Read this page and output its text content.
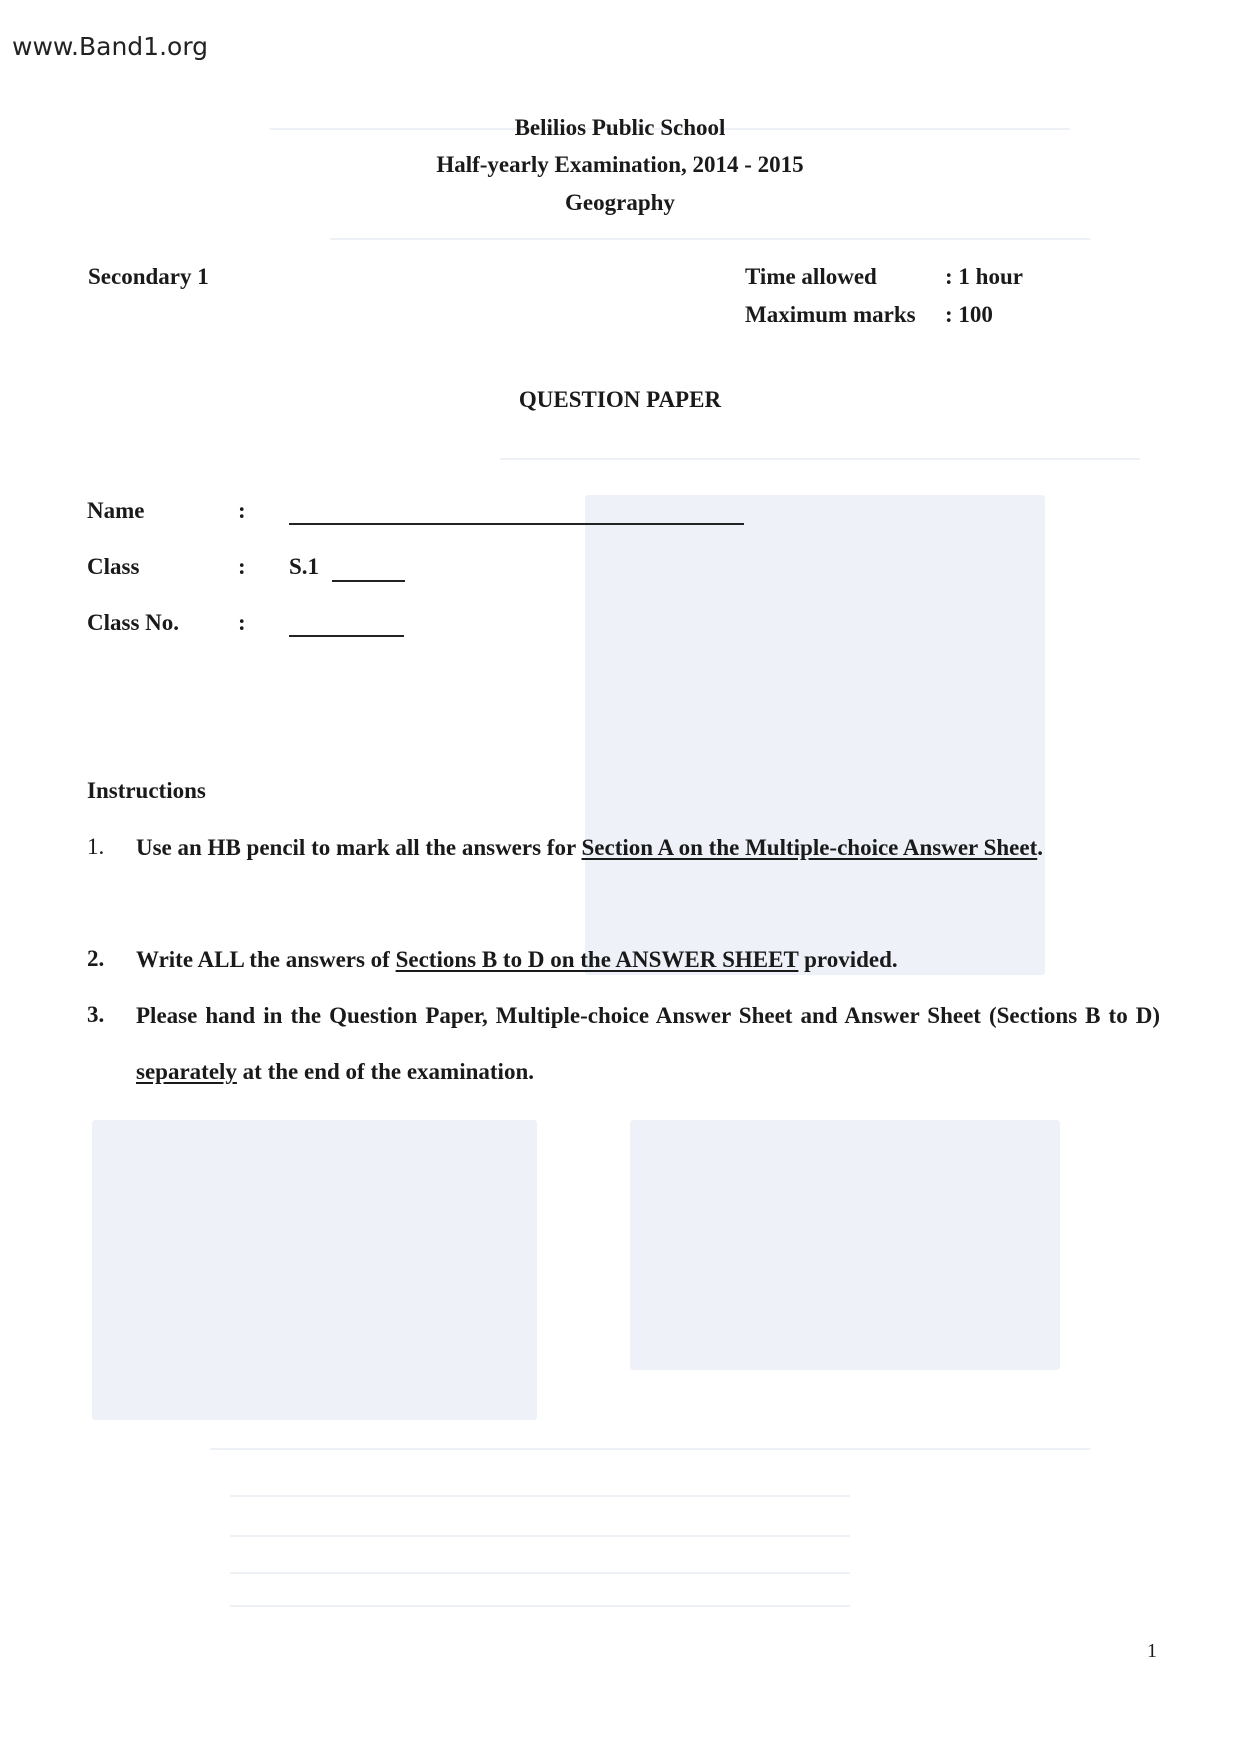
www.Band1.org
Belilios Public School
Half-yearly Examination, 2014 - 2015
Geography
Secondary 1	Time allowed	: 1 hour
Maximum marks : 100
QUESTION PAPER
Name	:
Class	: S.1
Class No.	:
Instructions
1. Use an HB pencil to mark all the answers for Section A on the Multiple-choice Answer Sheet.
2. Write ALL the answers of Sections B to D on the ANSWER SHEET provided.
3. Please hand in the Question Paper, Multiple-choice Answer Sheet and Answer Sheet (Sections B to D) separately at the end of the examination.
1
